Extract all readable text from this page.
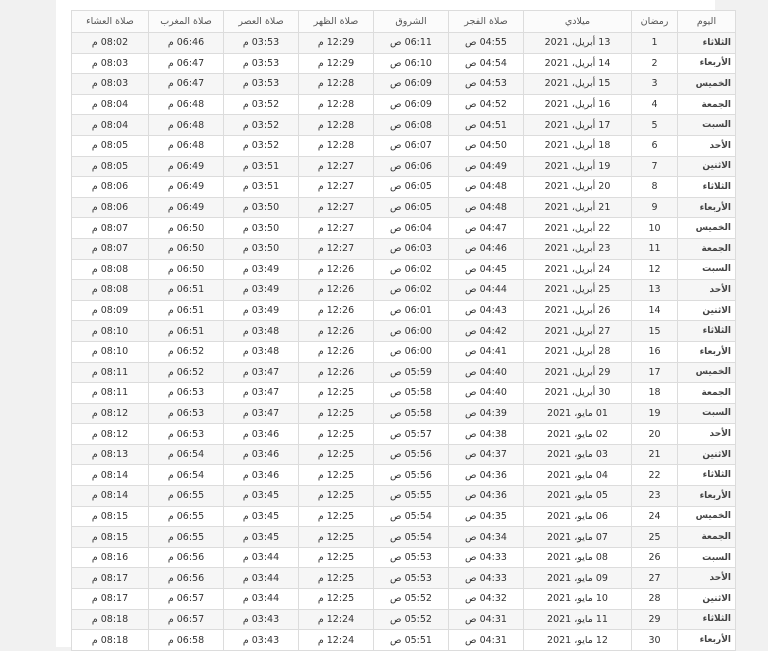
اليوم	رمضان	ميلادي	صلاة الفجر	الشروق	صلاة الظهر	صلاة العصر	صلاة المغرب	صلاة العشاء
الثلاثاء	1	13 أبريل، 2021	04:55 ص	06:11 ص	12:29 م	03:53 م	06:46 م	08:02 م
الأربعاء	2	14 أبريل، 2021	04:54 ص	06:10 ص	12:29 م	03:53 م	06:47 م	08:03 م
الخميس	3	15 أبريل، 2021	04:53 ص	06:09 ص	12:28 م	03:53 م	06:47 م	08:03 م
الجمعة	4	16 أبريل، 2021	04:52 ص	06:09 ص	12:28 م	03:52 م	06:48 م	08:04 م
السبت	5	17 أبريل، 2021	04:51 ص	06:08 ص	12:28 م	03:52 م	06:48 م	08:04 م
الأحد	6	18 أبريل، 2021	04:50 ص	06:07 ص	12:28 م	03:52 م	06:48 م	08:05 م
الاثنين	7	19 أبريل، 2021	04:49 ص	06:06 ص	12:27 م	03:51 م	06:49 م	08:05 م
الثلاثاء	8	20 أبريل، 2021	04:48 ص	06:05 ص	12:27 م	03:51 م	06:49 م	08:06 م
الأربعاء	9	21 أبريل، 2021	04:48 ص	06:05 ص	12:27 م	03:50 م	06:49 م	08:06 م
الخميس	10	22 أبريل، 2021	04:47 ص	06:04 ص	12:27 م	03:50 م	06:50 م	08:07 م
الجمعة	11	23 أبريل، 2021	04:46 ص	06:03 ص	12:27 م	03:50 م	06:50 م	08:07 م
السبت	12	24 أبريل، 2021	04:45 ص	06:02 ص	12:26 م	03:49 م	06:50 م	08:08 م
الأحد	13	25 أبريل، 2021	04:44 ص	06:02 ص	12:26 م	03:49 م	06:51 م	08:08 م
الاثنين	14	26 أبريل، 2021	04:43 ص	06:01 ص	12:26 م	03:49 م	06:51 م	08:09 م
الثلاثاء	15	27 أبريل، 2021	04:42 ص	06:00 ص	12:26 م	03:48 م	06:51 م	08:10 م
الأربعاء	16	28 أبريل، 2021	04:41 ص	06:00 ص	12:26 م	03:48 م	06:52 م	08:10 م
الخميس	17	29 أبريل، 2021	04:40 ص	05:59 ص	12:26 م	03:47 م	06:52 م	08:11 م
الجمعة	18	30 أبريل، 2021	04:40 ص	05:58 ص	12:25 م	03:47 م	06:53 م	08:11 م
السبت	19	01 مايو، 2021	04:39 ص	05:58 ص	12:25 م	03:47 م	06:53 م	08:12 م
الأحد	20	02 مايو، 2021	04:38 ص	05:57 ص	12:25 م	03:46 م	06:53 م	08:12 م
الاثنين	21	03 مايو، 2021	04:37 ص	05:56 ص	12:25 م	03:46 م	06:54 م	08:13 م
الثلاثاء	22	04 مايو، 2021	04:36 ص	05:56 ص	12:25 م	03:46 م	06:54 م	08:14 م
الأربعاء	23	05 مايو، 2021	04:36 ص	05:55 ص	12:25 م	03:45 م	06:55 م	08:14 م
الخميس	24	06 مايو، 2021	04:35 ص	05:54 ص	12:25 م	03:45 م	06:55 م	08:15 م
الجمعة	25	07 مايو، 2021	04:34 ص	05:54 ص	12:25 م	03:45 م	06:55 م	08:15 م
السبت	26	08 مايو، 2021	04:33 ص	05:53 ص	12:25 م	03:44 م	06:56 م	08:16 م
الأحد	27	09 مايو، 2021	04:33 ص	05:53 ص	12:25 م	03:44 م	06:56 م	08:17 م
الاثنين	28	10 مايو، 2021	04:32 ص	05:52 ص	12:25 م	03:44 م	06:57 م	08:17 م
الثلاثاء	29	11 مايو، 2021	04:31 ص	05:52 ص	12:24 م	03:43 م	06:57 م	08:18 م
الأربعاء	30	12 مايو، 2021	04:31 ص	05:51 ص	12:24 م	03:43 م	06:58 م	08:18 م
